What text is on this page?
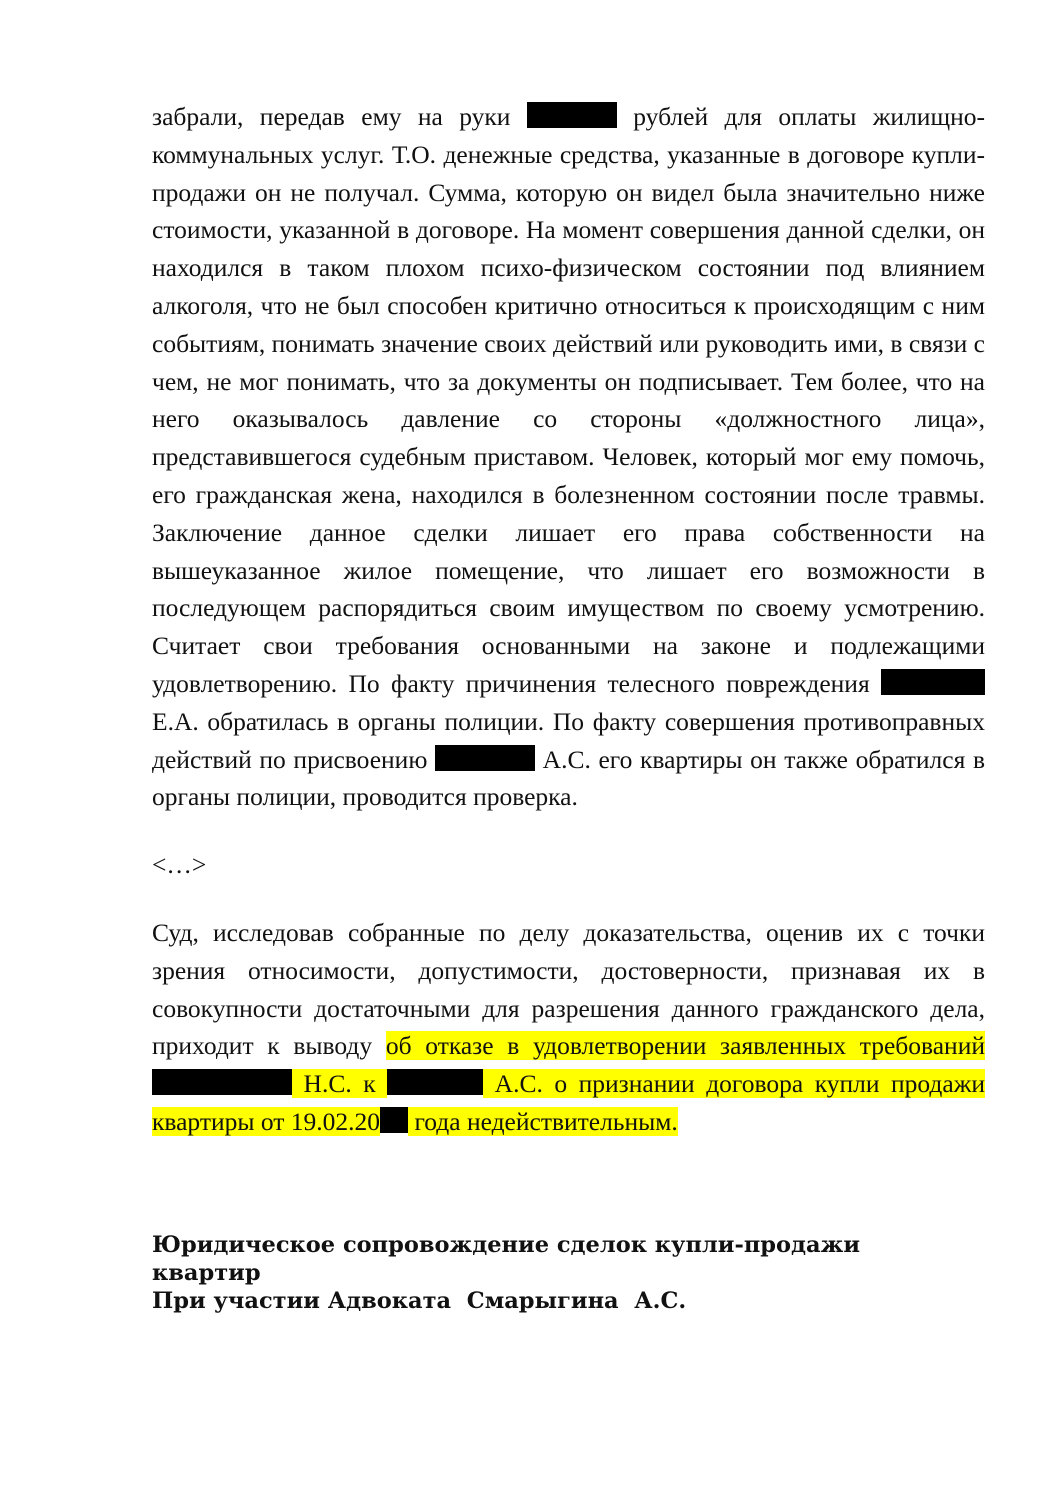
забрали, передав ему на руки	рублей для оплаты жилищно-коммунальных услуг. Т.О. денежные средства, указанные в договоре купли-продажи он не получал. Сумма, которую он видел была значительно ниже стоимости, указанной в договоре. На момент совершения данной сделки, он находился в таком плохом психо-физическом состоянии под влиянием алкоголя, что не был способен критично относиться к происходящим с ним событиям, понимать значение своих действий или руководить ими, в связи с чем, не мог понимать, что за документы он подписывает. Тем более, что на него оказывалось давление со стороны «должностного лица», представившегося судебным приставом. Человек, который мог ему помочь, его гражданская жена, находился в болезненном состоянии после травмы. Заключение данное сделки лишает его права собственности на вышеуказанное жилое помещение, что лишает его возможности в последующем распорядиться своим имуществом по своему усмотрению. Считает свои требования основанными на законе и подлежащими удовлетворению. По факту причинения телесного повреждения  Е.А. обратилась в органы полиции. По факту совершения противоправных действий по присвоению	А.С. его квартиры он также обратился в органы полиции, проводится проверка.

<…>

Суд, исследовав собранные по делу доказательства, оценив их с точки зрения относимости, допустимости, достоверности, признавая их в совокупности достаточными для разрешения данного гражданского дела, приходит к выводу об отказе в удовлетворении заявленных требований  Н.С. к	А.С. о признании договора купли продажи квартиры от 19.02.20 года недействительным.

Юридическое сопровождение сделок купли-продажи

квартир

При участии Адвоката  Смарыгина  А.С.
